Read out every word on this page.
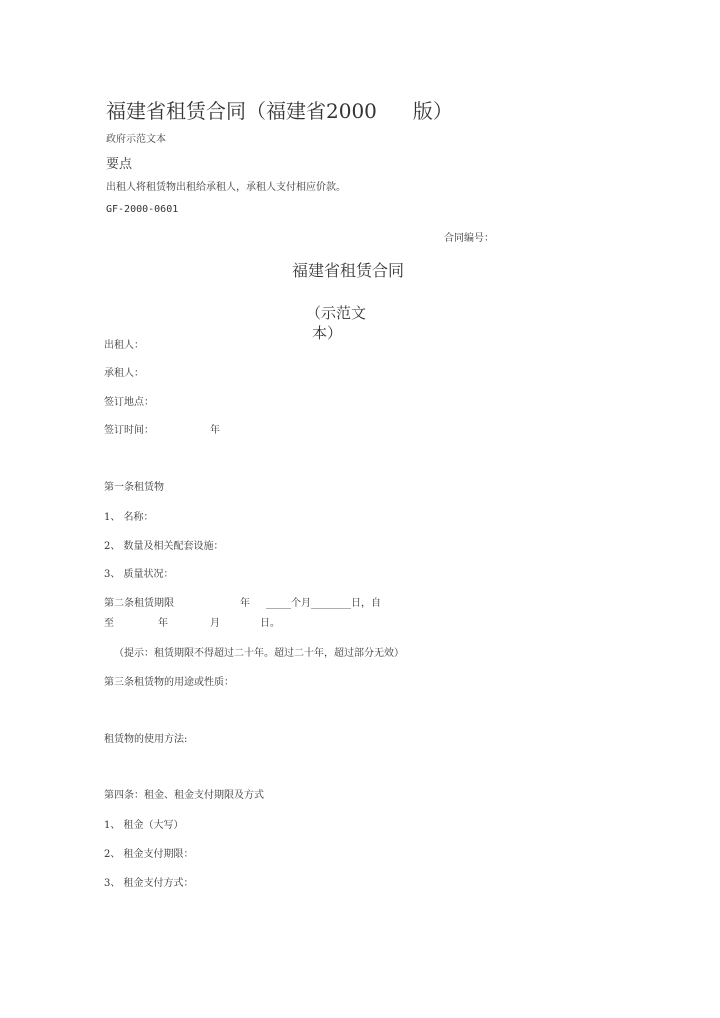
福建省租赁合同（福建省2000 版）
政府示范文本
要点
出租人将租赁物出租给承租人，承租人支付相应价款。
GF-2000-0601
合同编号：
福建省租赁合同
（示范文
本）
出租人：
承租人：
签订地点：
签订时间：	年
第一条租赁物
1、 名称：
2、 数量及相关配套设施：
3、 质量状况：
第二条租赁期限	年 _____个月________日，自
至	年	月	日。
（提示：租赁期限不得超过二十年。超过二十年，超过部分无效）
第三条租赁物的用途或性质：
租赁物的使用方法:
第四条：租金、租金支付期限及方式
1、 租金（大写）
2、 租金支付期限：
3、 租金支付方式：
